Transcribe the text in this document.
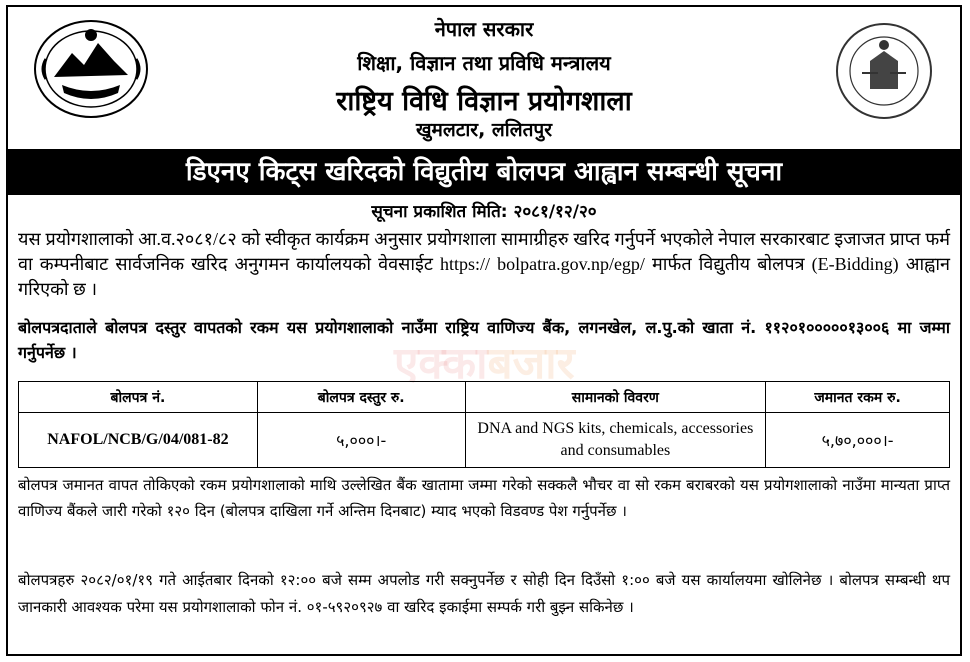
नेपाल सरकार
शिक्षा, विज्ञान तथा प्रविधि मन्त्रालय
राष्ट्रिय विधि विज्ञान प्रयोगशाला
खुमलटार, ललितपुर
डिएनए किट्स खरिदको विद्युतीय बोलपत्र आह्वान सम्बन्धी सूचना
सूचना प्रकाशित मिति: २०८१/१२/२०
यस प्रयोगशालाको आ.व.२०८१/८२ को स्वीकृत कार्यक्रम अनुसार प्रयोगशाला सामाग्रीहरु खरिद गर्नुपर्ने भएकोले नेपाल सरकारबाट इजाजत प्राप्त फर्म वा कम्पनीबाट सार्वजनिक खरिद अनुगमन कार्यालयको वेवसाईट https:// bolpatra.gov.np/egp/ मार्फत विद्युतीय बोलपत्र (E-Bidding) आह्वान गरिएको छ ।
बोलपत्रदाताले बोलपत्र दस्तुर वापतको रकम यस प्रयोगशालाको नाउँमा राष्ट्रिय वाणिज्य बैंक, लगनखेल, ल.पु.को खाता नं. ११२०१०००००१३००६ मा जम्मा गर्नुपर्नेछ ।	एक्काबजार
बोलपत्र नं.	बोलपत्र दस्तुर रु.	सामानको विवरण	जमानत रकम रु.
NAFOL/NCB/G/04/081-82	५,०००।-	DNA and NGS kits, chemicals, accessories and consumables	५,७०,०००।-
बोलपत्र जमानत वापत तोकिएको रकम प्रयोगशालाको माथि उल्लेखित बैंक खातामा जम्मा गरेको सक्कलै भौचर वा सो रकम बराबरको यस प्रयोगशालाको नाउँमा मान्यता प्राप्त वाणिज्य बैंकले जारी गरेको १२० दिन (बोलपत्र दाखिला गर्ने अन्तिम दिनबाट) म्याद भएको विडवण्ड पेश गर्नुपर्नेछ ।
बोलपत्रहरु २०८२/०१/१९ गते आईतबार दिनको १२:०० बजे सम्म अपलोड गरी सक्नुपर्नेछ र सोही दिन दिउँसो १:०० बजे यस कार्यालयमा खोलिनेछ । बोलपत्र सम्बन्धी थप जानकारी आवश्यक परेमा यस प्रयोगशालाको फोन नं. ०१-५९२०९२७ वा खरिद इकाईमा सम्पर्क गरी बुझ्न सकिनेछ ।
